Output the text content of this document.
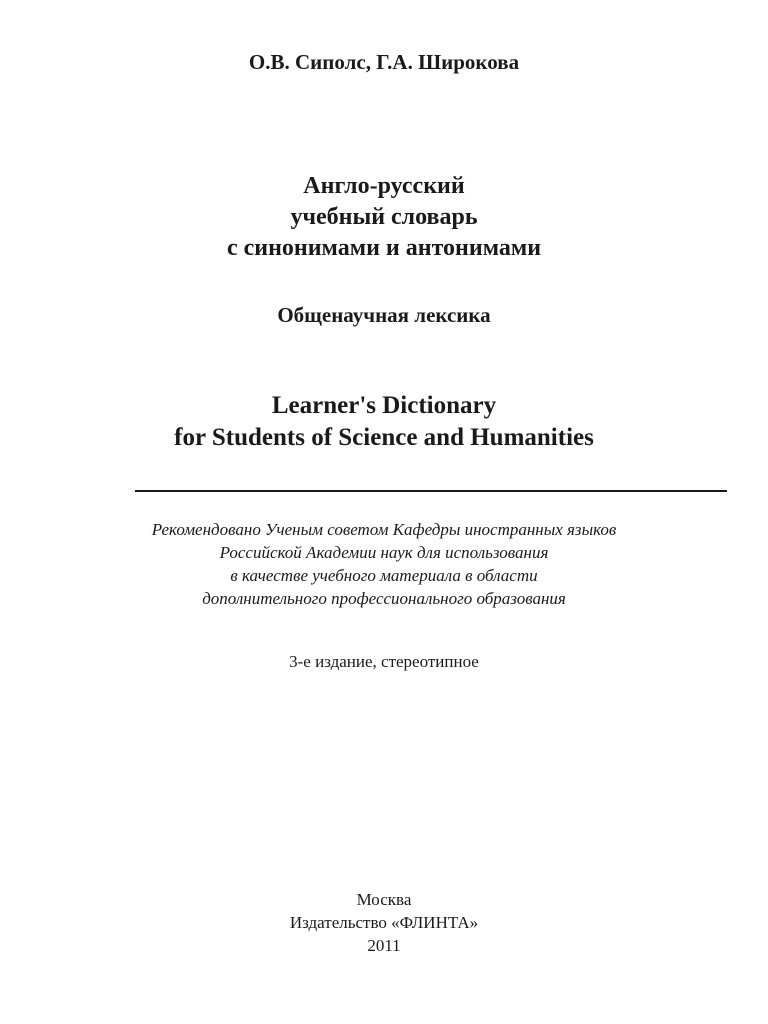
О.В. Сиполс, Г.А. Широкова
Англо-русский
учебный словарь
с синонимами и антонимами
Общенаучная лексика
Learner's Dictionary
for Students of Science and Humanities
Рекомендовано Ученым советом Кафедры иностранных языков
Российской Академии наук для использования
в качестве учебного материала в области
дополнительного профессионального образования
3-е издание, стереотипное
Москва
Издательство «ФЛИНТА»
2011
